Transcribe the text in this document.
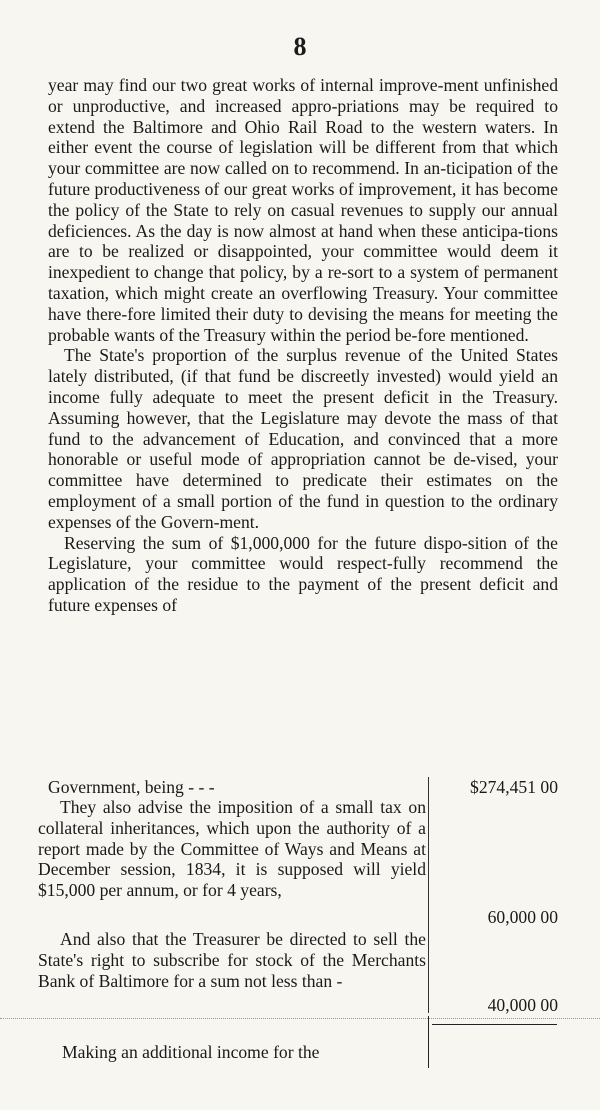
8

year may find our two great works of internal improve-ment unfinished or unproductive, and increased appro-priations may be required to extend the Baltimore and Ohio Rail Road to the western waters. In either event the course of legislation will be different from that which your committee are now called on to recommend. In an-ticipation of the future productiveness of our great works of improvement, it has become the policy of the State to rely on casual revenues to supply our annual deficiences. As the day is now almost at hand when these anticipa-tions are to be realized or disappointed, your committee would deem it inexpedient to change that policy, by a re-sort to a system of permanent taxation, which might create an overflowing Treasury. Your committee have there-fore limited their duty to devising the means for meeting the probable wants of the Treasury within the period be-fore mentioned.

The State's proportion of the surplus revenue of the United States lately distributed, (if that fund be discreetly invested) would yield an income fully adequate to meet the present deficit in the Treasury. Assuming however, that the Legislature may devote the mass of that fund to the advancement of Education, and convinced that a more honorable or useful mode of appropriation cannot be de-vised, your committee have determined to predicate their estimates on the employment of a small portion of the fund in question to the ordinary expenses of the Govern-ment.

Reserving the sum of $1,000,000 for the future dispo-sition of the Legislature, your committee would respect-fully recommend the application of the residue to the payment of the present deficit and future expenses of

Government, being - - -	$274,451 00
They also advise the imposition of a small tax on collateral inheritances, which upon the authority of a report made by the Committee of Ways and Means at December session, 1834, it is supposed will yield $15,000 per annum, or for 4 years,
60,000 00
And also that the Treasurer be directed to sell the State's right to subscribe for stock of the Merchants Bank of Baltimore for a sum not less than -
40,000 00
Making an additional income for the
